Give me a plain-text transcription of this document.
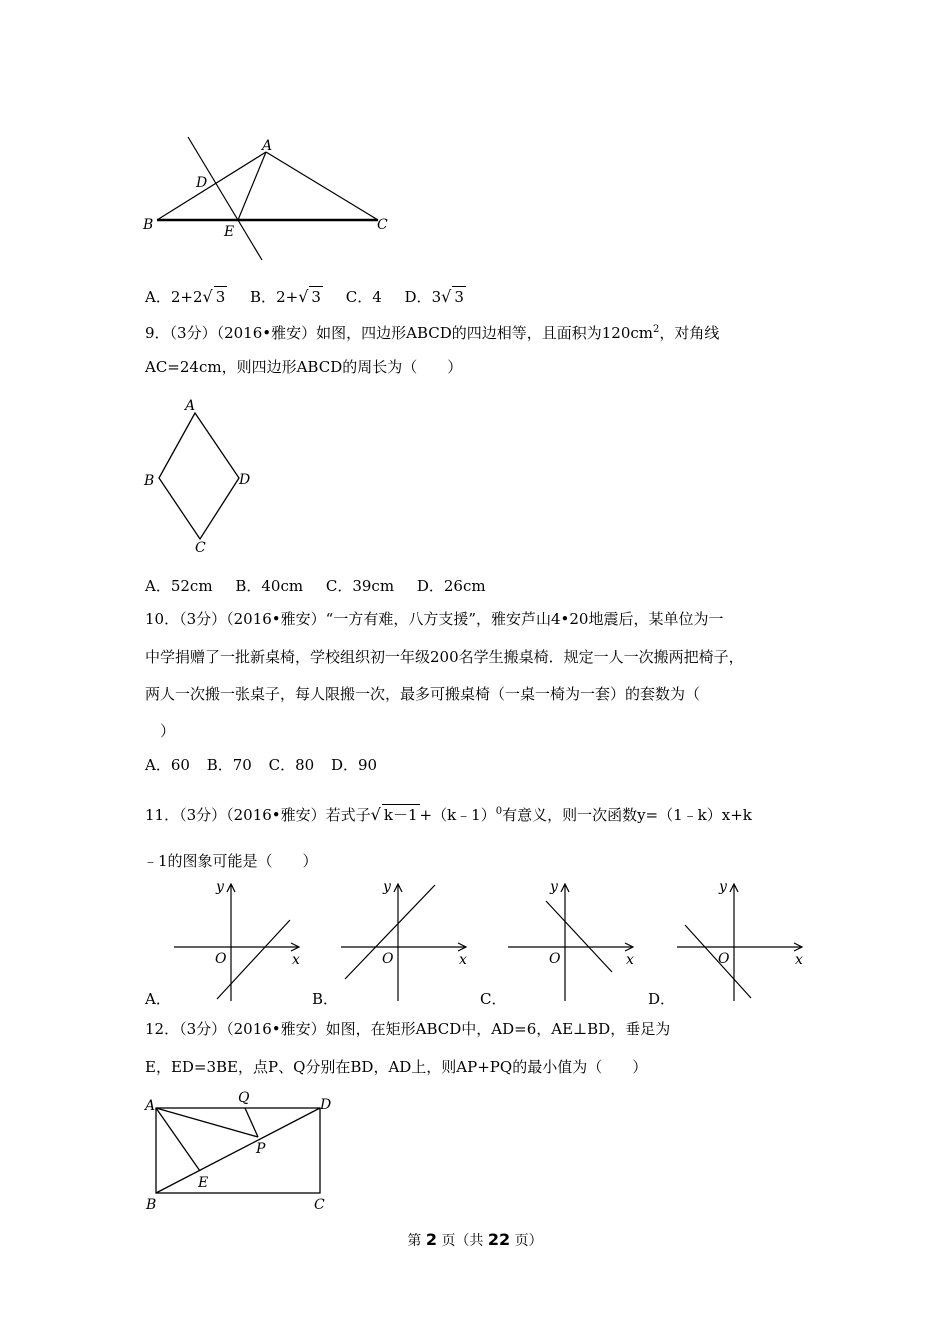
A
D
B	E	C
A．2+2√ 3 B．2+√ 3 C．4 D．3√ 3
9．（3分）（2016•雅安）如图，四边形ABCD的四边相等，且面积为$120cm^2$，对角线
AC=24cm，则四边形ABCD的周长为（　　）
A
B	D
C
A．52cm B．40cm C．39cm D．26cm
10．（3分）（2016•雅安）“一方有难，八方支援”，雅安芦山4•20地震后，某单位为一
中学捐赠了一批新桌椅，学校组织初一年级200名学生搬桌椅．规定一人一次搬两把椅子，
两人一次搬一张桌子，每人限搬一次，最多可搬桌椅（一桌一椅为一套）的套数为（
）
A．60 B．70 C．80 D．90
11．（3分）（2016•雅安）若式子√ k－1 +（k﹣1）$^0$有意义，则一次函数y=（1﹣k）x+k
﹣1的图象可能是（　　）
y
x
O
y
x
O
y
x
O
y
x
O
A．	B．	C．	D．
12．（3分）（2016•雅安）如图，在矩形ABCD中，AD=6，AE⊥BD，垂足为
E，ED=3BE，点P、Q分别在BD，AD上，则AP+PQ的最小值为（　　）
A	Q	D
P
E
B	C
第 2 页（共 22 页）
